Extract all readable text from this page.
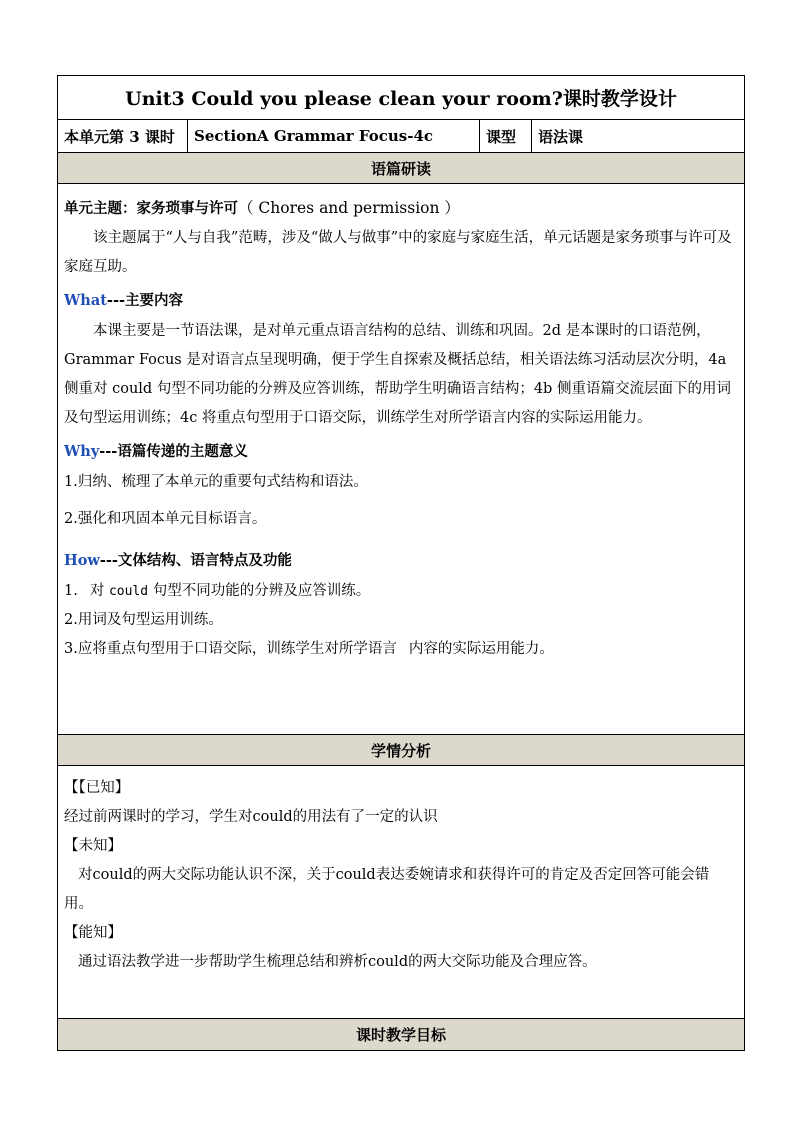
Unit3 Could you please clean your room?课时教学设计
本单元第 3 课时	SectionA Grammar Focus-4c	课型	语法课
语篇研读

单元主题：家务琐事与许可（ Chores and permission ）

该主题属于“人与自我”范畴，涉及“做人与做事”中的家庭与家庭生活，单元话题是家务琐事与许可及家庭互助。

What---主要内容

本课主要是一节语法课，是对单元重点语言结构的总结、训练和巩固。2d 是本课时的口语范例，Grammar Focus 是对语言点呈现明确，便于学生自探索及概括总结，相关语法练习活动层次分明，4a 侧重对 could 句型不同功能的分辨及应答训练，帮助学生明确语言结构；4b 侧重语篇交流层面下的用词及句型运用训练；4c 将重点句型用于口语交际，训练学生对所学语言内容的实际运用能力。

Why---语篇传递的主题意义

1.归纳、梳理了本单元的重要句式结构和语法。

2.强化和巩固本单元目标语言。

How---文体结构、语言特点及功能

1. 对 could 句型不同功能的分辨及应答训练。

2.用词及句型运用训练。

3.应将重点句型用于口语交际，训练学生对所学语言 内容的实际运用能力。

学情分析

【【已知】

经过前两课时的学习，学生对could的用法有了一定的认识

【未知】

对could的两大交际功能认识不深，关于could表达委婉请求和获得许可的肯定及否定回答可能会错用。

【能知】

通过语法教学进一步帮助学生梳理总结和辨析could的两大交际功能及合理应答。

课时教学目标
